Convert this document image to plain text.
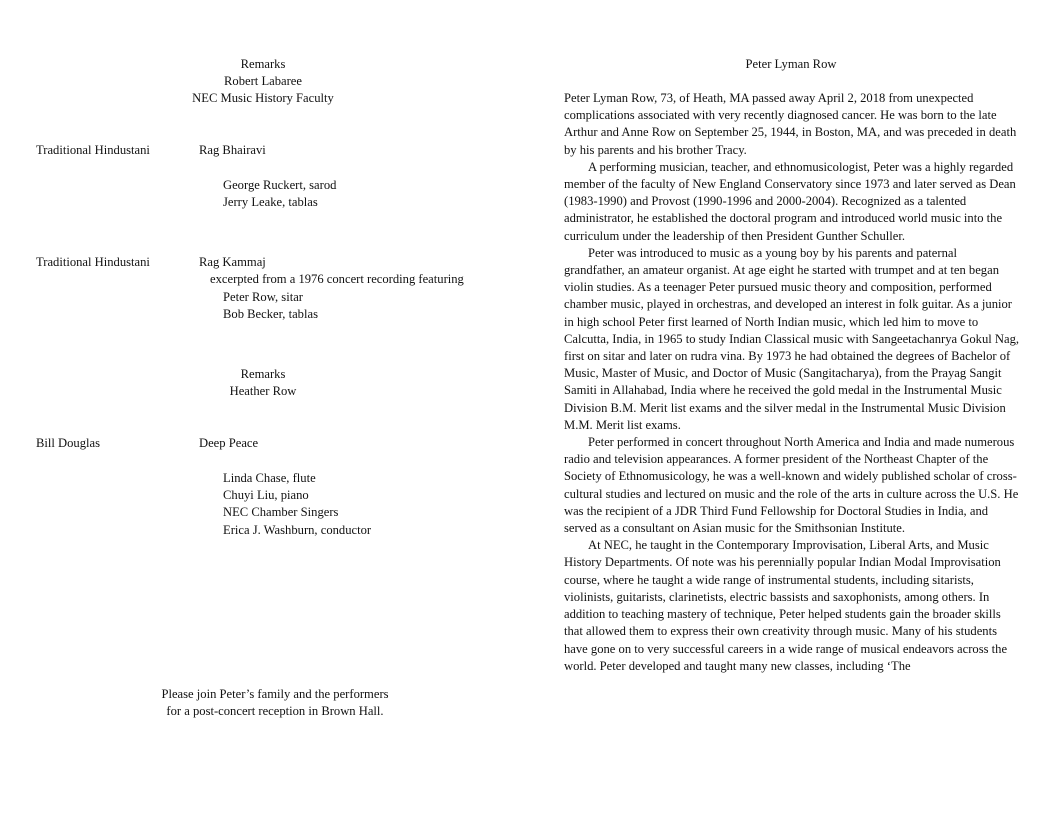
Remarks
Robert Labaree
NEC Music History Faculty
Traditional Hindustani	Rag Bhairavi
George Ruckert, sarod
Jerry Leake, tablas
Traditional Hindustani	Rag Kammaj
excerpted from a 1976 concert recording featuring
Peter Row, sitar
Bob Becker, tablas
Remarks
Heather Row
Bill Douglas	Deep Peace
Linda Chase, flute
Chuyi Liu, piano
NEC Chamber Singers
Erica J. Washburn, conductor
Please join Peter’s family and the performers
for a post-concert reception in Brown Hall.
Peter Lyman Row

Peter Lyman Row, 73, of Heath, MA passed away April 2, 2018 from unexpected complications associated with very recently diagnosed cancer. He was born to the late Arthur and Anne Row on September 25, 1944, in Boston, MA, and was preceded in death by his parents and his brother Tracy.

A performing musician, teacher, and ethnomusicologist, Peter was a highly regarded member of the faculty of New England Conservatory since 1973 and later served as Dean (1983-1990) and Provost (1990-1996 and 2000-2004). Recognized as a talented administrator, he established the doctoral program and introduced world music into the curriculum under the leadership of then President Gunther Schuller.

Peter was introduced to music as a young boy by his parents and paternal grandfather, an amateur organist. At age eight he started with trumpet and at ten began violin studies. As a teenager Peter pursued music theory and composition, performed chamber music, played in orchestras, and developed an interest in folk guitar. As a junior in high school Peter first learned of North Indian music, which led him to move to Calcutta, India, in 1965 to study Indian Classical music with Sangeetachanrya Gokul Nag, first on sitar and later on rudra vina. By 1973 he had obtained the degrees of Bachelor of Music, Master of Music, and Doctor of Music (Sangitacharya), from the Prayag Sangit Samiti in Allahabad, India where he received the gold medal in the Instrumental Music Division B.M. Merit list exams and the silver medal in the Instrumental Music Division M.M. Merit list exams.

Peter performed in concert throughout North America and India and made numerous radio and television appearances. A former president of the Northeast Chapter of the Society of Ethnomusicology, he was a well-known and widely published scholar of cross-cultural studies and lectured on music and the role of the arts in culture across the U.S. He was the recipient of a JDR Third Fund Fellowship for Doctoral Studies in India, and served as a consultant on Asian music for the Smithsonian Institute.

At NEC, he taught in the Contemporary Improvisation, Liberal Arts, and Music History Departments. Of note was his perennially popular Indian Modal Improvisation course, where he taught a wide range of instrumental students, including sitarists, violinists, guitarists, clarinetists, electric bassists and saxophonists, among others. In addition to teaching mastery of technique, Peter helped students gain the broader skills that allowed them to express their own creativity through music. Many of his students have gone on to very successful careers in a wide range of musical endeavors across the world. Peter developed and taught many new classes, including ‘The
